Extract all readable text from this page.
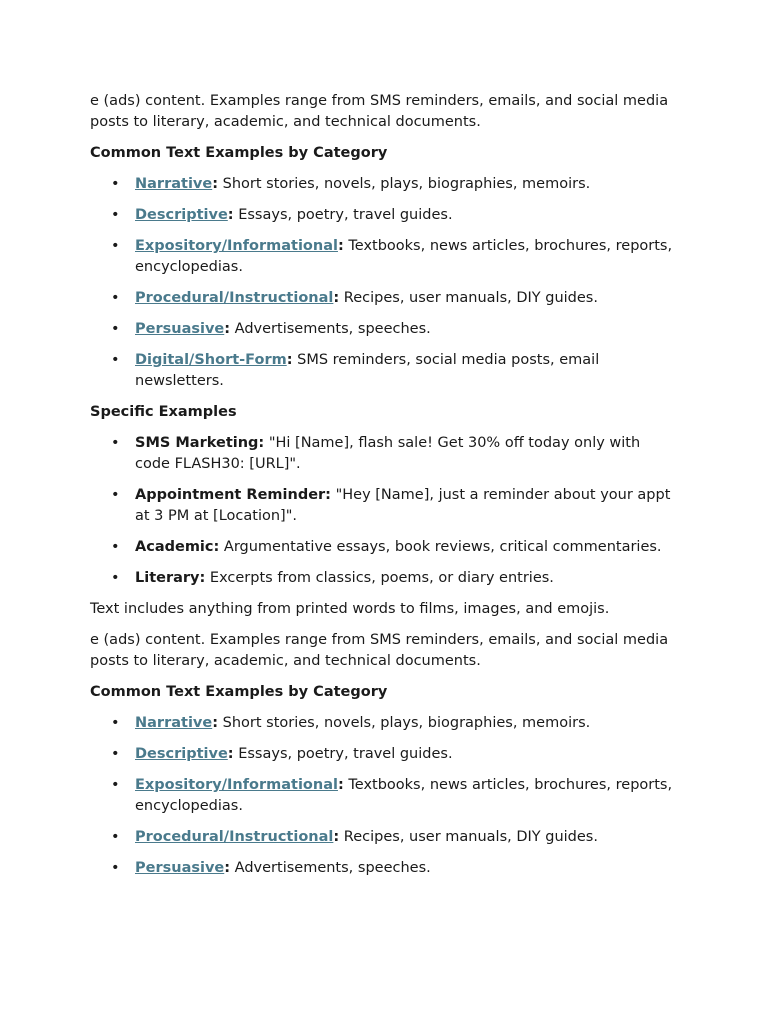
e (ads) content. Examples range from SMS reminders, emails, and social media posts to literary, academic, and technical documents.

Common Text Examples by Category
• Narrative: Short stories, novels, plays, biographies, memoirs.
• Descriptive: Essays, poetry, travel guides.
• Expository/Informational: Textbooks, news articles, brochures, reports, encyclopedias.
• Procedural/Instructional: Recipes, user manuals, DIY guides.
• Persuasive: Advertisements, speeches.
• Digital/Short-Form: SMS reminders, social media posts, email newsletters.
Specific Examples
• SMS Marketing: "Hi [Name], flash sale! Get 30% off today only with code FLASH30: [URL]".
• Appointment Reminder: "Hey [Name], just a reminder about your appt at 3 PM at [Location]".
• Academic: Argumentative essays, book reviews, critical commentaries.
• Literary: Excerpts from classics, poems, or diary entries.

Text includes anything from printed words to films, images, and emojis.

e (ads) content. Examples range from SMS reminders, emails, and social media posts to literary, academic, and technical documents.

Common Text Examples by Category
• Narrative: Short stories, novels, plays, biographies, memoirs.
• Descriptive: Essays, poetry, travel guides.
• Expository/Informational: Textbooks, news articles, brochures, reports, encyclopedias.
• Procedural/Instructional: Recipes, user manuals, DIY guides.
• Persuasive: Advertisements, speeches.
